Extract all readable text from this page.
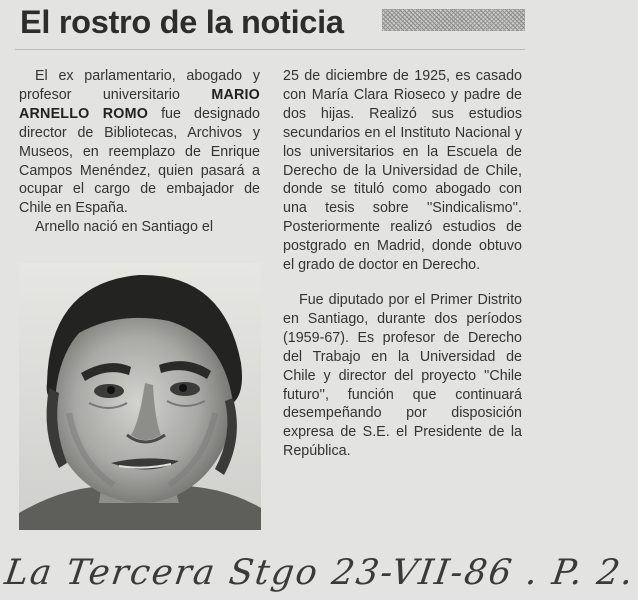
El rostro de la noticia

El ex parlamentario, abogado y profesor universitario MARIO ARNELLO ROMO fue designado director de Bibliotecas, Archivos y Museos, en reemplazo de Enrique Campos Menéndez, quien pasará a ocupar el cargo de embajador de Chile en España.

Arnello nació en Santiago el

25 de diciembre de 1925, es casado con María Clara Rioseco y padre de dos hijas. Realizó sus estudios secundarios en el Instituto Nacional y los universitarios en la Escuela de Derecho de la Universidad de Chile, donde se tituló como abogado con una tesis sobre ''Sindicalismo''. Posteriormente realizó estudios de postgrado en Madrid, donde obtuvo el grado de doctor en Derecho.

Fue diputado por el Primer Distrito en Santiago, durante dos períodos (1959-67). Es profesor de Derecho del Trabajo en la Universidad de Chile y director del proyecto ''Chile futuro'', función que continuará desempeñando por disposición expresa de S.E. el Presidente de la República.

La Tercera Stgo 23-VII-86 . P. 2.
